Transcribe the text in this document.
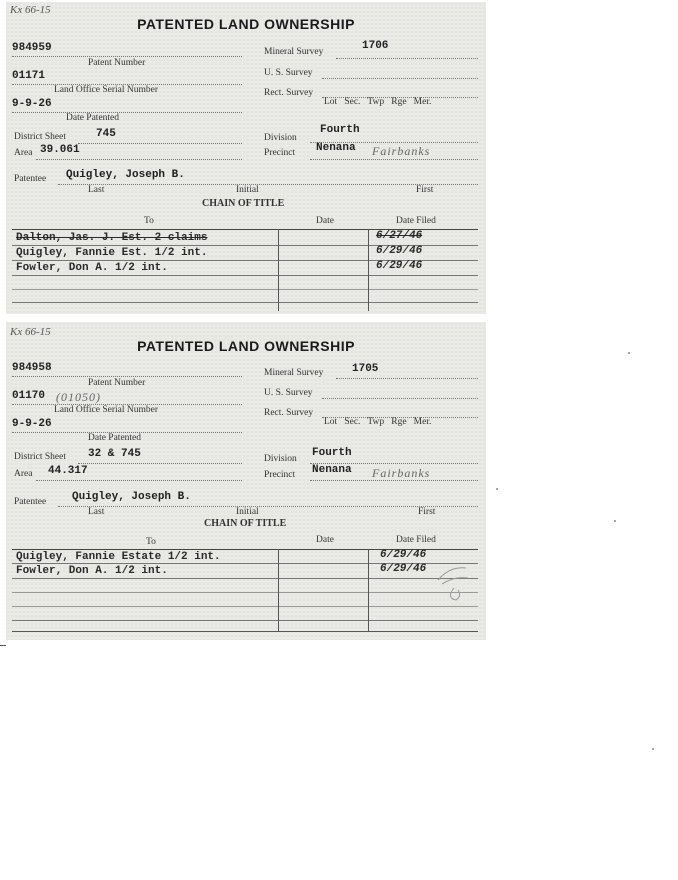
Kx 66-15
PATENTED LAND OWNERSHIP
984959
Patent Number
01171
Land Office Serial Number
9-9-26
Date Patented
District Sheet	745
Area 39.061
Mineral Survey	1706
U. S. Survey
Rect. Survey
Lot   Sec.   Twp   Rge   Mer.
Division
Fourth
Precinct Nenana Fairbanks
Patentee Quigley, Joseph B.
Last	Initial	First
CHAIN OF TITLE
To	Date	Date Filed
Dalton, Jas. J. Est. 2 claims	6/27/46
Quigley, Fannie Est. 1/2 int.	6/29/46
Fowler, Don A. 1/2 int.	6/29/46
Kx 66-15
PATENTED LAND OWNERSHIP
984958
Patent Number
01170 (01050)
Land Office Serial Number
9-9-26
Date Patented
District Sheet 32 & 745
Area 44.317
Mineral Survey	1705
U. S. Survey
Rect. Survey
Lot   Sec.   Twp   Rge   Mer.
Division Fourth
Precinct Nenana Fairbanks
Patentee Quigley, Joseph B.
Last	Initial	First
CHAIN OF TITLE
To	Date	Date Filed
Quigley, Fannie Estate 1/2 int.	6/29/46
Fowler, Don A. 1/2 int.	6/29/46
